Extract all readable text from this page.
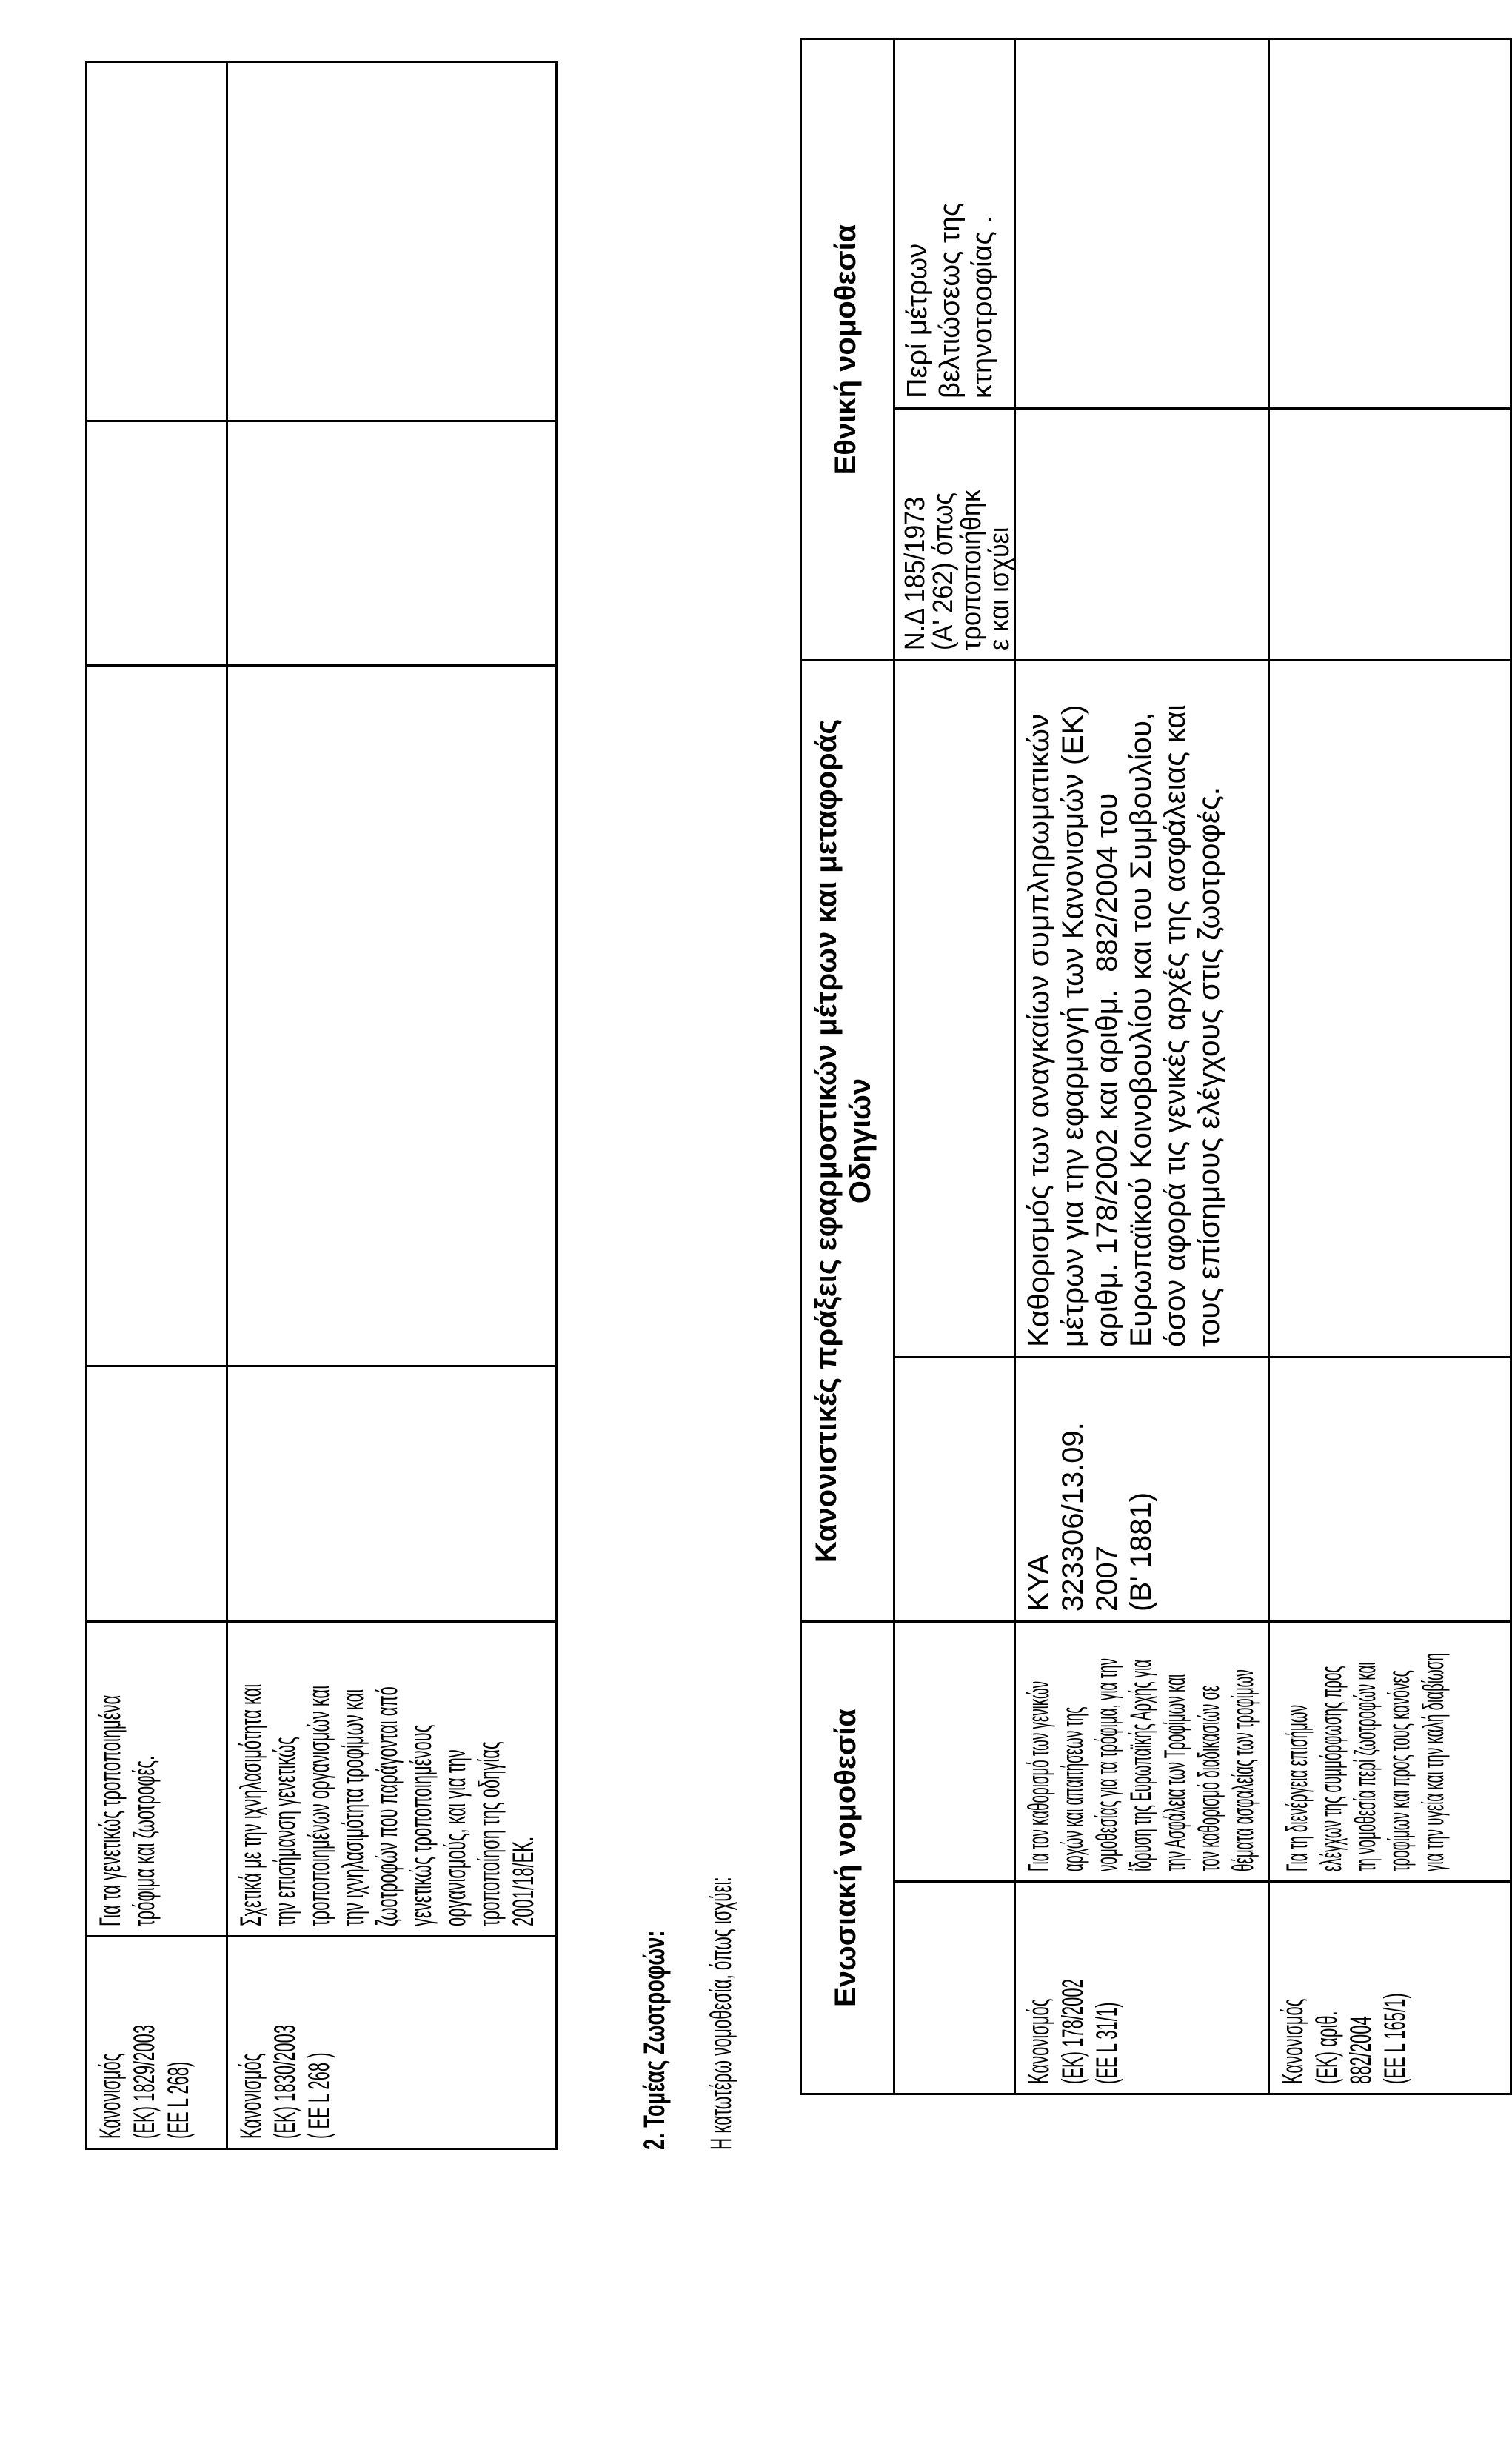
Κανονισμός
(ΕΚ) 1829/2003
(ΕΕ L 268)
Για τα γενετικώς τροποποιημένα
τρόφιμα και ζωοτροφές.
Κανονισμός
(ΕΚ) 1830/2003
( ΕΕ L 268 )
Σχετικά με την ιχνηλασιμότητα και
την επισήμανση γενετικώς
τροποποιημένων οργανισμών και
την ιχνηλασιμότητα τροφίμων και
ζωοτροφών που παράγονται από
γενετικώς τροποποιημένους
οργανισμούς, και για την
τροποποίηση της οδηγίας
2001/18/ΕΚ.
2. Τομέας Ζωοτροφών: Η κατωτέρω νομοθεσία, όπως ισχύει:
Ενωσιακή νομοθεσία
Κανονιστικές πράξεις εφαρμοστικών μέτρων και μεταφοράς
Οδηγιών
Εθνική νομοθεσία
Ν.Δ 185/1973
(Α' 262) όπως
τροποποιήθηκ
ε και ισχύει
Περί μέτρων
βελτιώσεως της
κτηνοτροφίας .
Κανονισμός
(ΕΚ) 178/2002
(ΕΕ L 31/1)
Για τον καθορισμό των γενικών
αρχών και απαιτήσεων της
νομοθεσίας για τα τρόφιμα, για την
ίδρυση της Ευρωπαϊκής Αρχής για
την Ασφάλεια των Τροφίμων και
τον καθορισμό διαδικασιών σε
θέματα ασφαλείας των τροφίμων
ΚΥΑ
323306/13.09.
2007
(Β' 1881)
Καθορισμός των αναγκαίων συμπληρωματικών
μέτρων για την εφαρμογή των Κανονισμών (ΕΚ)
αριθμ. 178/2002 και αριθμ.  882/2004 του
Ευρωπαϊκού Κοινοβουλίου και του Συμβουλίου,
όσον αφορά τις γενικές αρχές της ασφάλειας και
τους επίσημους ελέγχους στις ζωοτροφές.
Κανονισμός
(ΕΚ) αριθ.
882/2004
(ΕΕ L 165/1)
Για τη διενέργεια επισήμων
ελέγχων της συμμόρφωσης προς
τη νομοθεσία περί ζωοτροφών και
τροφίμων και προς τους κανόνες
για την υγεία και την καλή διαβίωση
